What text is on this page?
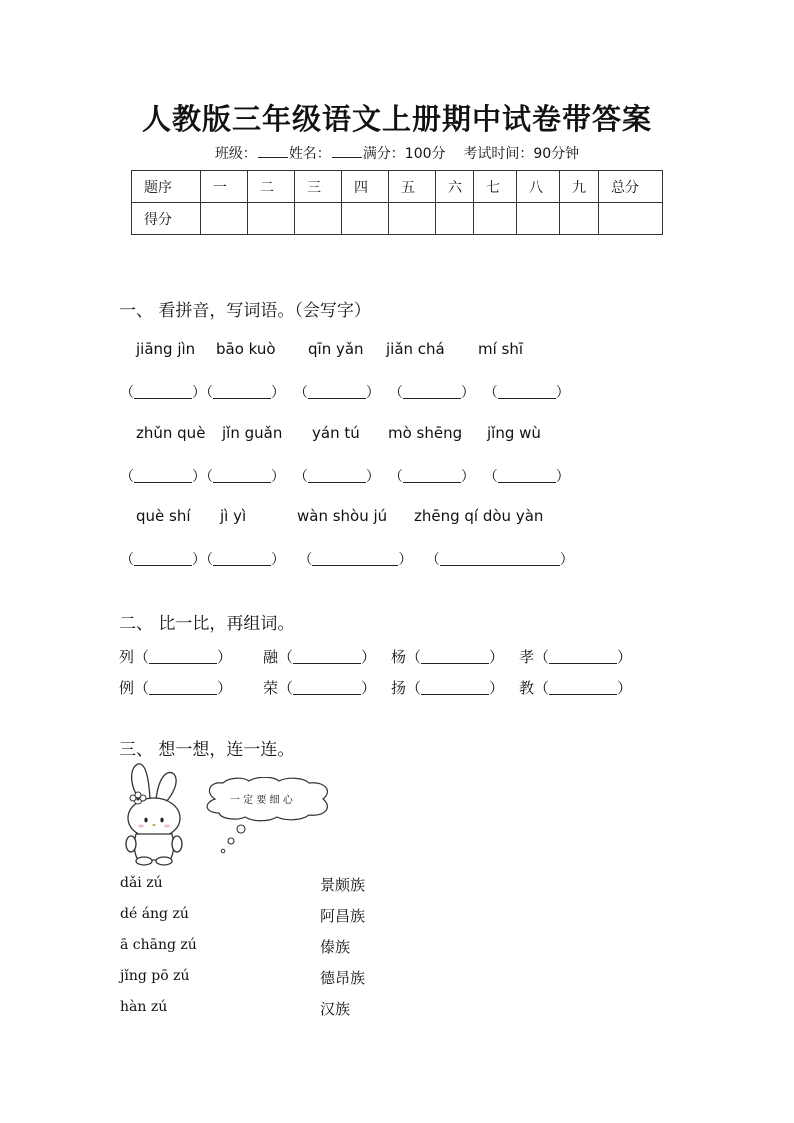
人教版三年级语文上册期中试卷带答案
班级： 姓名： 满分：100分 考试时间：90分钟
题序	一	二	三	四	五	六	七	八	九	总分
得分										
一、 看拼音，写词语。（会写字）
jiāng jìn bāo kuò qīn yǎn jiǎn chá mí shī
（	）（	） （	） （	） （	）
zhǔn què jǐn guǎn yán tú mò shēng jǐng wù
（	）（	） （	） （	） （	）
què shí jì yì	wàn shòu jú zhēng qí dòu yàn
（	）（	） （	） （	）
二、 比一比，再组词。
列（	） 融（	） 杨（	） 孝（	）
例（	） 荣（	） 扬（	） 教（	）
三、 想一想，连一连。
一 定 要 细 心
dǎi zú
dé áng zú
ā chāng zú
jǐng pō zú
hàn zú
景颇族
阿昌族
傣族
德昂族
汉族
